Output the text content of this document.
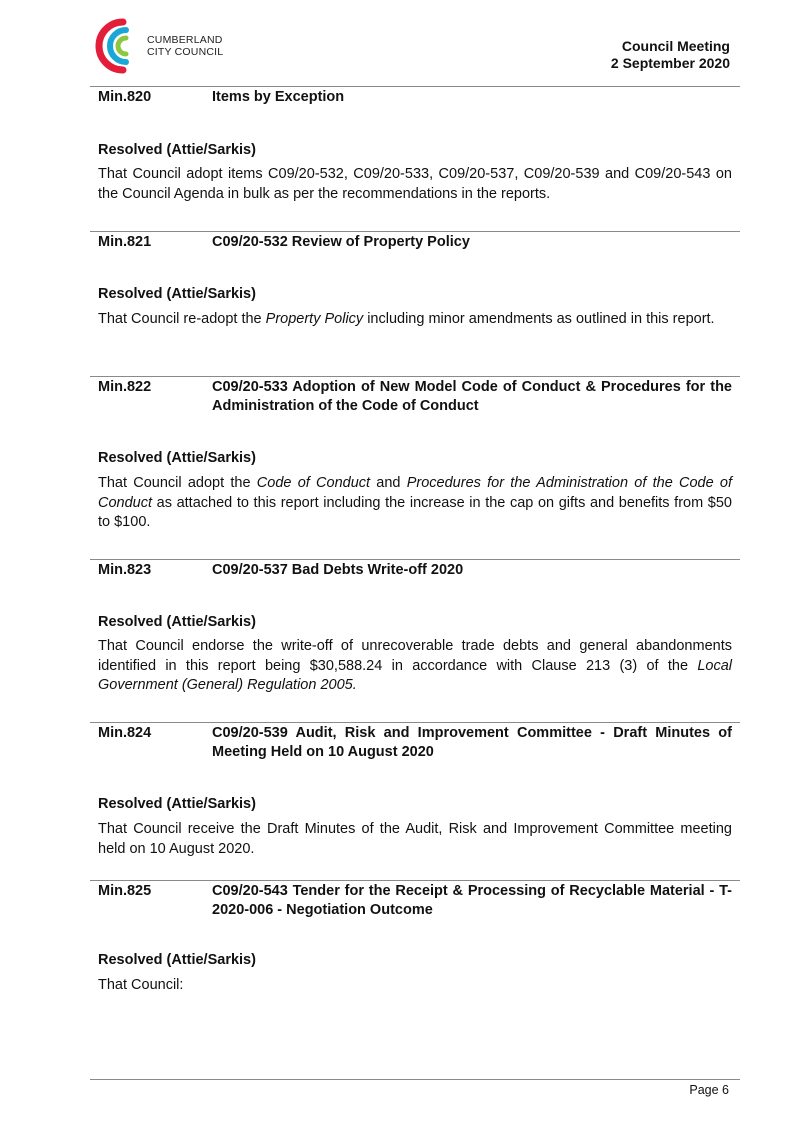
CUMBERLAND
CITY COUNCIL	Council Meeting
2 September 2020
Min.820	Items by Exception
Resolved (Attie/Sarkis)
That Council adopt items C09/20-532, C09/20-533, C09/20-537, C09/20-539 and C09/20-543 on the Council Agenda in bulk as per the recommendations in the reports.
Min.821	C09/20-532 Review of Property Policy
Resolved (Attie/Sarkis)
That Council re-adopt the Property Policy including minor amendments as outlined in this report.
Min.822	C09/20-533 Adoption of New Model Code of Conduct & Procedures for the Administration of the Code of Conduct
Resolved (Attie/Sarkis)
That Council adopt the Code of Conduct and Procedures for the Administration of the Code of Conduct as attached to this report including the increase in the cap on gifts and benefits from $50 to $100.
Min.823	C09/20-537 Bad Debts Write-off 2020
Resolved (Attie/Sarkis)
That Council endorse the write-off of unrecoverable trade debts and general abandonments identified in this report being $30,588.24 in accordance with Clause 213 (3) of the Local Government (General) Regulation 2005.
Min.824	C09/20-539 Audit, Risk and Improvement Committee - Draft Minutes of Meeting Held on 10 August 2020
Resolved (Attie/Sarkis)
That Council receive the Draft Minutes of the Audit, Risk and Improvement Committee meeting held on 10 August 2020.
Min.825	C09/20-543 Tender for the Receipt & Processing of Recyclable Material - T-2020-006 - Negotiation Outcome
Resolved (Attie/Sarkis)
That Council:
Page 6
